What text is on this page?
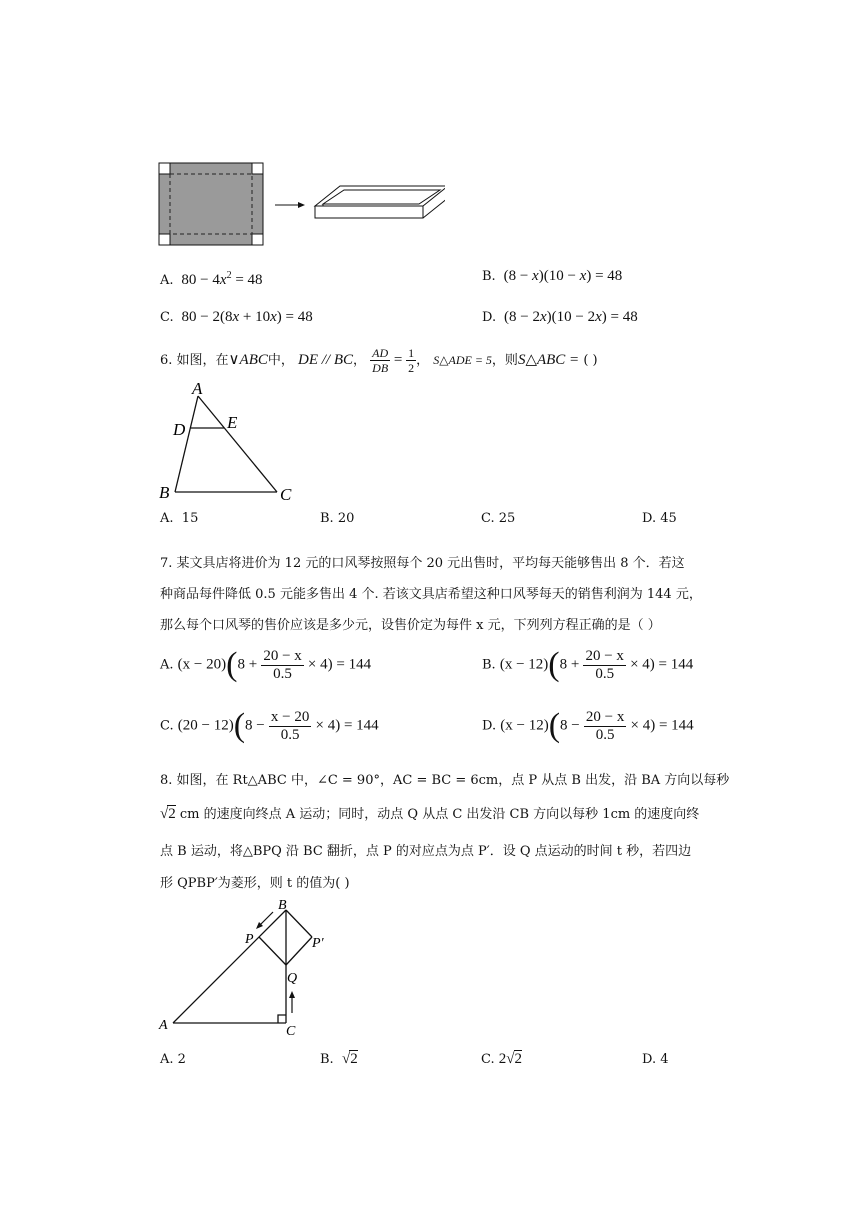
A.  $80 - 4x^2 = 48$	B.  (8 − x)(10 − x) = 48
C.  80 − 2(8x + 10x) = 48	D.  (8 − 2x)(10 − 2x) = 48
6. 如图，在∨ABC中， DE // BC， $\frac{AD}{DB} = \frac{1}{2}$ ， S△ADE = 5，则S△ABC = ( )
A
D E
B	C
A. 15	B. 20	C. 25	D. 45
7. 某文具店将进价为 12 元的口风琴按照每个 20 元出售时，平均每天能够售出 8 个．若这
种商品每件降低 0.5 元能多售出 4 个. 若该文具店希望这种口风琴每天的销售利润为 144 元，
那么每个口风琴的售价应该是多少元，设售价定为每件 x 元，下列列方程正确的是（ ）
A. $(x - 20)(8 + \frac{20 - x}{0.5} \times 4) = 144$	B. $(x - 12)(8 + \frac{20 - x}{0.5} \times 4) = 144$
C. $(20 - 12)(8 - \frac{x - 20}{0.5} \times 4) = 144$	D. $(x - 12)(8 - \frac{20 - x}{0.5} \times 4) = 144$
8. 如图，在 Rt△ABC 中，∠C = 90°，AC = BC = 6cm，点 P 从点 B 出发，沿 BA 方向以每秒
√2 cm 的速度向终点 A 运动；同时，动点 Q 从点 C 出发沿 CB 方向以每秒 1cm 的速度向终
点 B 运动，将△BPQ 沿 BC 翻折，点 P 的对应点为点 P′．设 Q 点运动的时间 t 秒，若四边
形 QPBP′为菱形，则 t 的值为( )
B
P	P′
Q
A	C
A. 2	B. √2	C. 2√2	D. 4
